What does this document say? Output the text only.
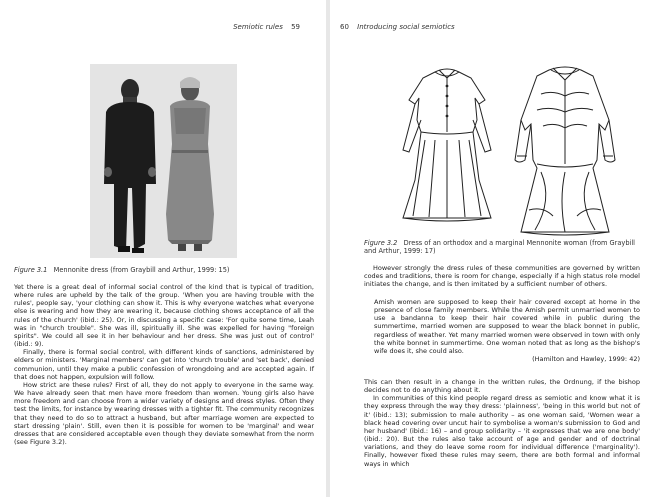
Semiotic rules 59
Figure 3.1 Mennonite dress (from Graybill and Arthur, 1999: 15)

Yet there is a great deal of informal social control of the kind that is typical of tradition, where rules are upheld by the talk of the group. 'When you are having trouble with the rules', people say, 'your clothing can show it. This is why everyone watches what everyone else is wearing and how they are wearing it, because clothing shows acceptance of all the rules of the church' (ibid.: 25). Or, in discussing a specific case: 'For quite some time, Leah was in "church trouble". She was ill, spiritually ill. She was expelled for having "foreign spirits". We could all see it in her behaviour and her dress. She was just out of control' (ibid.: 9).

Finally, there is formal social control, with different kinds of sanctions, administered by elders or ministers. 'Marginal members' can get into 'church trouble' and 'set back', denied communion, until they make a public confession of wrongdoing and are accepted again. If that does not happen, expulsion will follow.

How strict are these rules? First of all, they do not apply to everyone in the same way. We have already seen that men have more freedom than women. Young girls also have more freedom and can choose from a wider variety of designs and dress styles. Often they test the limits, for instance by wearing dresses with a tighter fit. The community recognizes that they need to do so to attract a husband, but after marriage women are expected to start dressing 'plain'. Still, even then it is possible for women to be 'marginal' and wear dresses that are considered acceptable even though they deviate somewhat from the norm (see Figure 3.2).

60 Introducing social semiotics
Figure 3.2 Dress of an orthodox and a marginal Mennonite woman (from Graybill and Arthur, 1999: 17)

However strongly the dress rules of these communities are governed by written codes and traditions, there is room for change, especially if a high status role model initiates the change, and is then imitated by a sufficient number of others.

Amish women are supposed to keep their hair covered except at home in the presence of close family members. While the Amish permit unmarried women to use a bandanna to keep their hair covered while in public during the summertime, married women are supposed to wear the black bonnet in public, regardless of weather. Yet many married women were observed in town with only the white bonnet in summertime. One woman noted that as long as the bishop's wife does it, she could also.
(Hamilton and Hawley, 1999: 42)

This can then result in a change in the written rules, the Ordnung, if the bishop decides not to do anything about it.

In communities of this kind people regard dress as semiotic and know what it is they express through the way they dress: 'plainness', 'being in this world but not of it' (ibid.: 13); submission to male authority – as one woman said, 'Women wear a black head covering over uncut hair to symbolise a woman's submission to God and her husband' (ibid.: 16) – and group solidarity – 'it expresses that we are one body' (ibid.: 20). But the rules also take account of age and gender and of doctrinal variations, and they do leave some room for individual difference ('marginality'). Finally, however fixed these rules may seem, there are both formal and informal ways in which
